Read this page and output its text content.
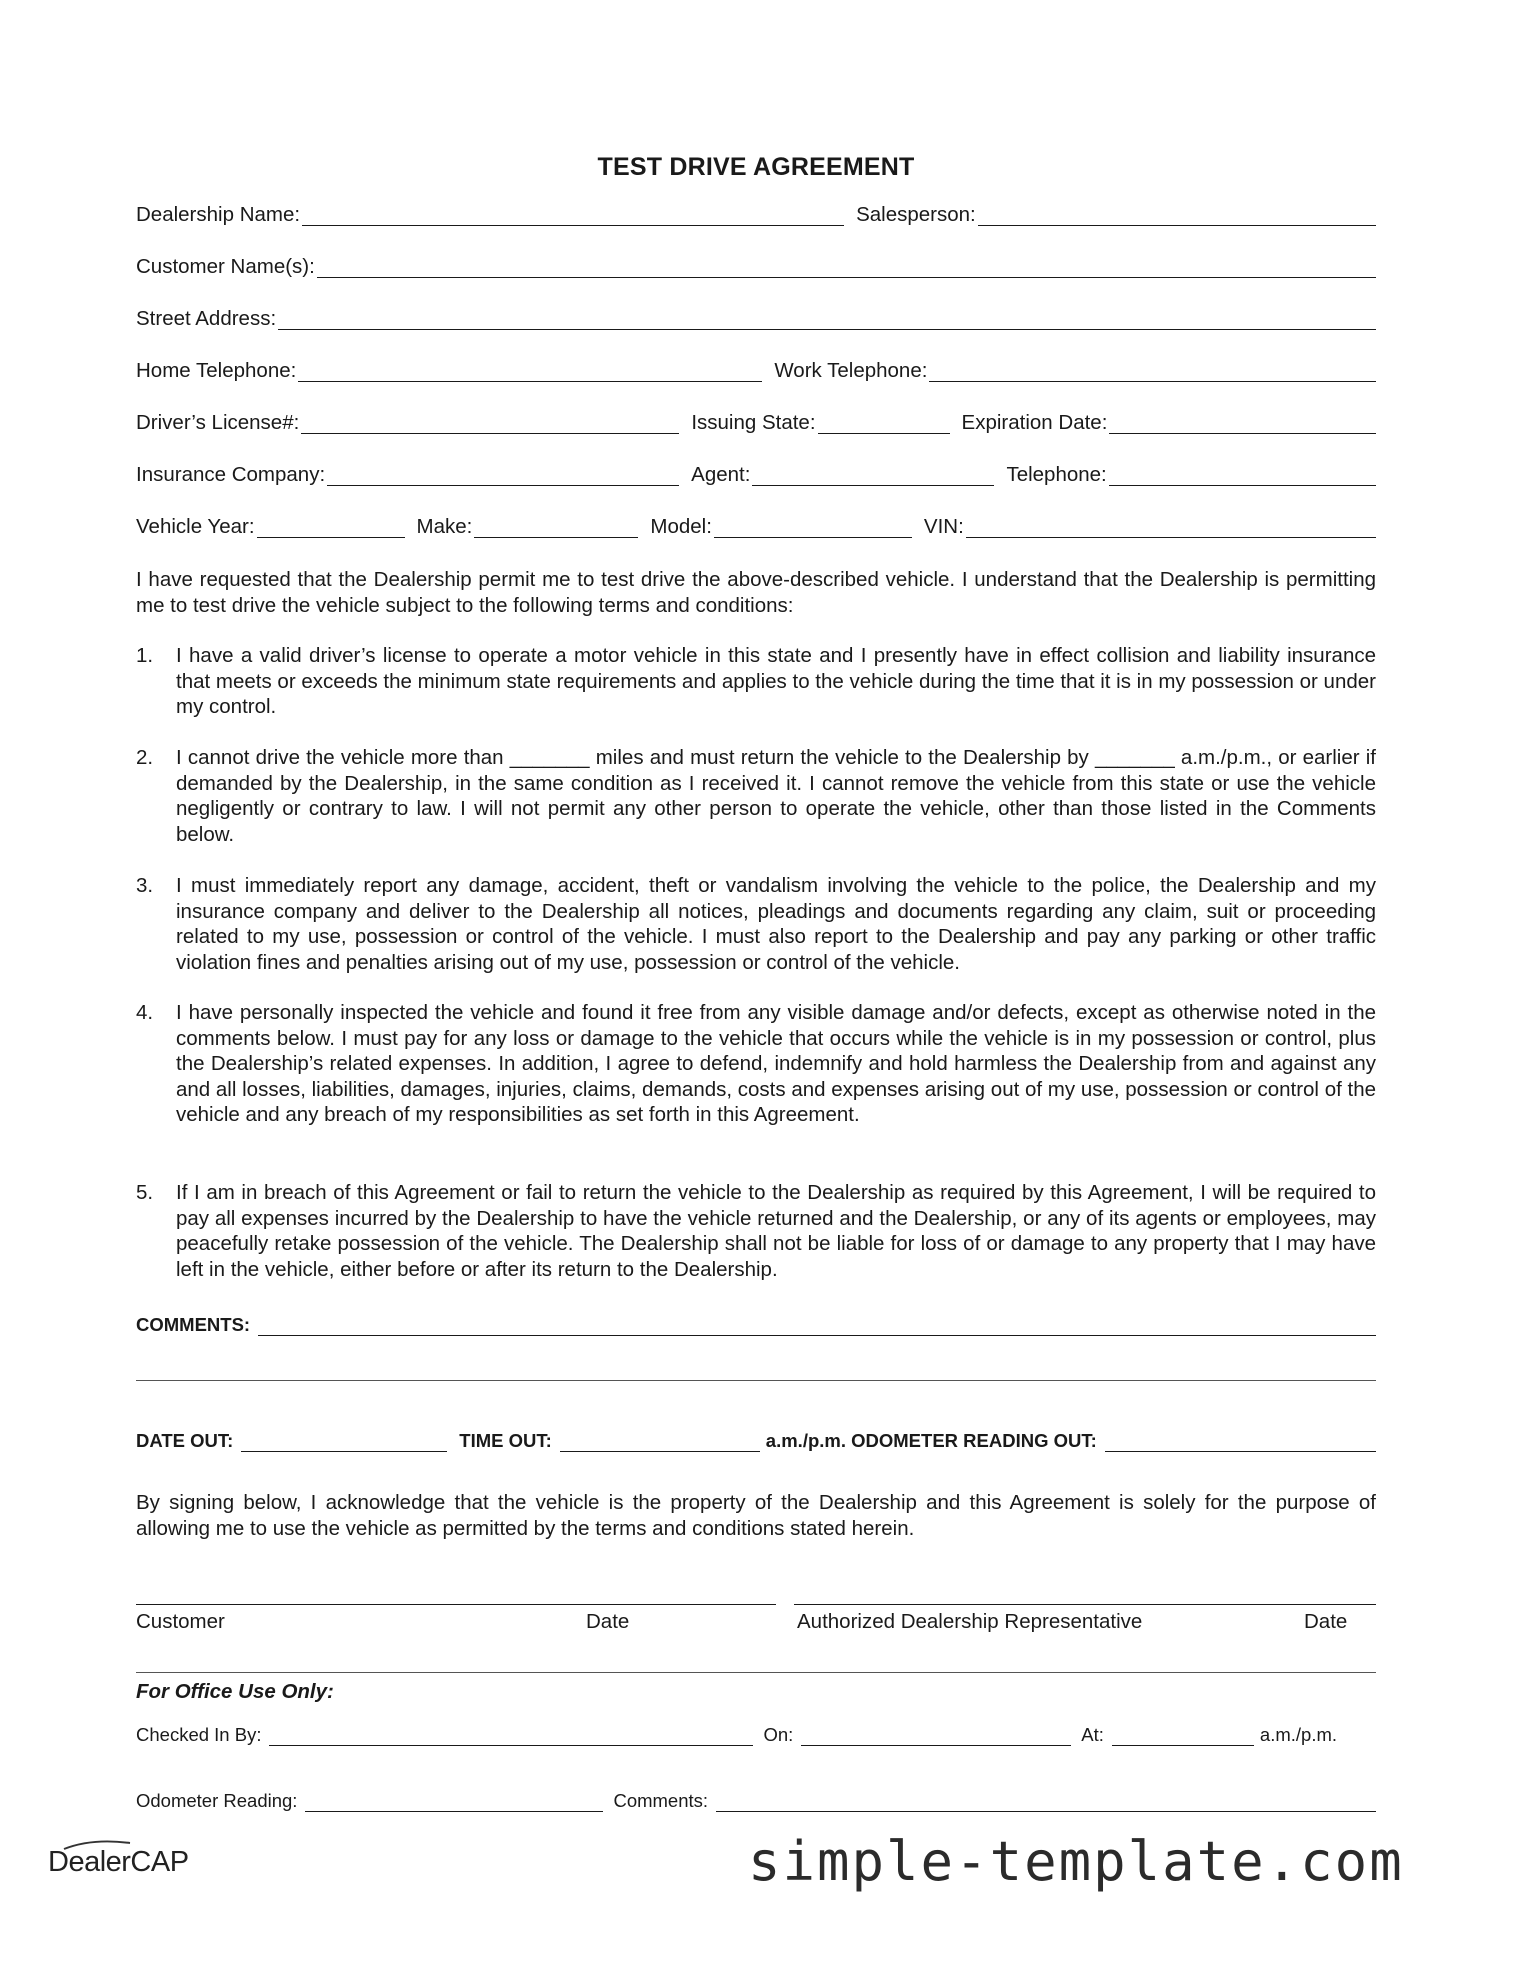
TEST DRIVE AGREEMENT
Dealership Name:	Salesperson:
Customer Name(s):
Street Address:
Home Telephone:	Work Telephone:
Driver’s License#:	Issuing State:	Expiration Date:
Insurance Company:	Agent:	Telephone:
Vehicle Year:	Make:	Model:	VIN:
I have requested that the Dealership permit me to test drive the above-described vehicle. I understand that the Dealership is permitting me to test drive the vehicle subject to the following terms and conditions:
1.	I have a valid driver’s license to operate a motor vehicle in this state and I presently have in effect collision and liability insurance that meets or exceeds the minimum state requirements and applies to the vehicle during the time that it is in my possession or under my control.
2.	I cannot drive the vehicle more than _______ miles and must return the vehicle to the Dealership by _______ a.m./p.m., or earlier if demanded by the Dealership, in the same condition as I received it. I cannot remove the vehicle from this state or use the vehicle negligently or contrary to law. I will not permit any other person to operate the vehicle, other than those listed in the Comments below.
3.	I must immediately report any damage, accident, theft or vandalism involving the vehicle to the police, the Dealership and my insurance company and deliver to the Dealership all notices, pleadings and documents regarding any claim, suit or proceeding related to my use, possession or control of the vehicle. I must also report to the Dealership and pay any parking or other traffic violation fines and penalties arising out of my use, possession or control of the vehicle.
4.	I have personally inspected the vehicle and found it free from any visible damage and/or defects, except as otherwise noted in the comments below. I must pay for any loss or damage to the vehicle that occurs while the vehicle is in my possession or control, plus the Dealership’s related expenses. In addition, I agree to defend, indemnify and hold harmless the Dealership from and against any and all losses, liabilities, damages, injuries, claims, demands, costs and expenses arising out of my use, possession or control of the vehicle and any breach of my responsibilities as set forth in this Agreement.
5.	If I am in breach of this Agreement or fail to return the vehicle to the Dealership as required by this Agreement, I will be required to pay all expenses incurred by the Dealership to have the vehicle returned and the Dealership, or any of its agents or employees, may peacefully retake possession of the vehicle. The Dealership shall not be liable for loss of or damage to any property that I may have left in the vehicle, either before or after its return to the Dealership.
COMMENTS:
DATE OUT:	TIME OUT:	a.m./p.m. ODOMETER READING OUT:
By signing below, I acknowledge that the vehicle is the property of the Dealership and this Agreement is solely for the purpose of allowing me to use the vehicle as permitted by the terms and conditions stated herein.
Customer	Date	Authorized Dealership Representative	Date
For Office Use Only:
Checked In By:	On:	At:	a.m./p.m.
Odometer Reading:	Comments:
DealerCAP	simple-template.com
